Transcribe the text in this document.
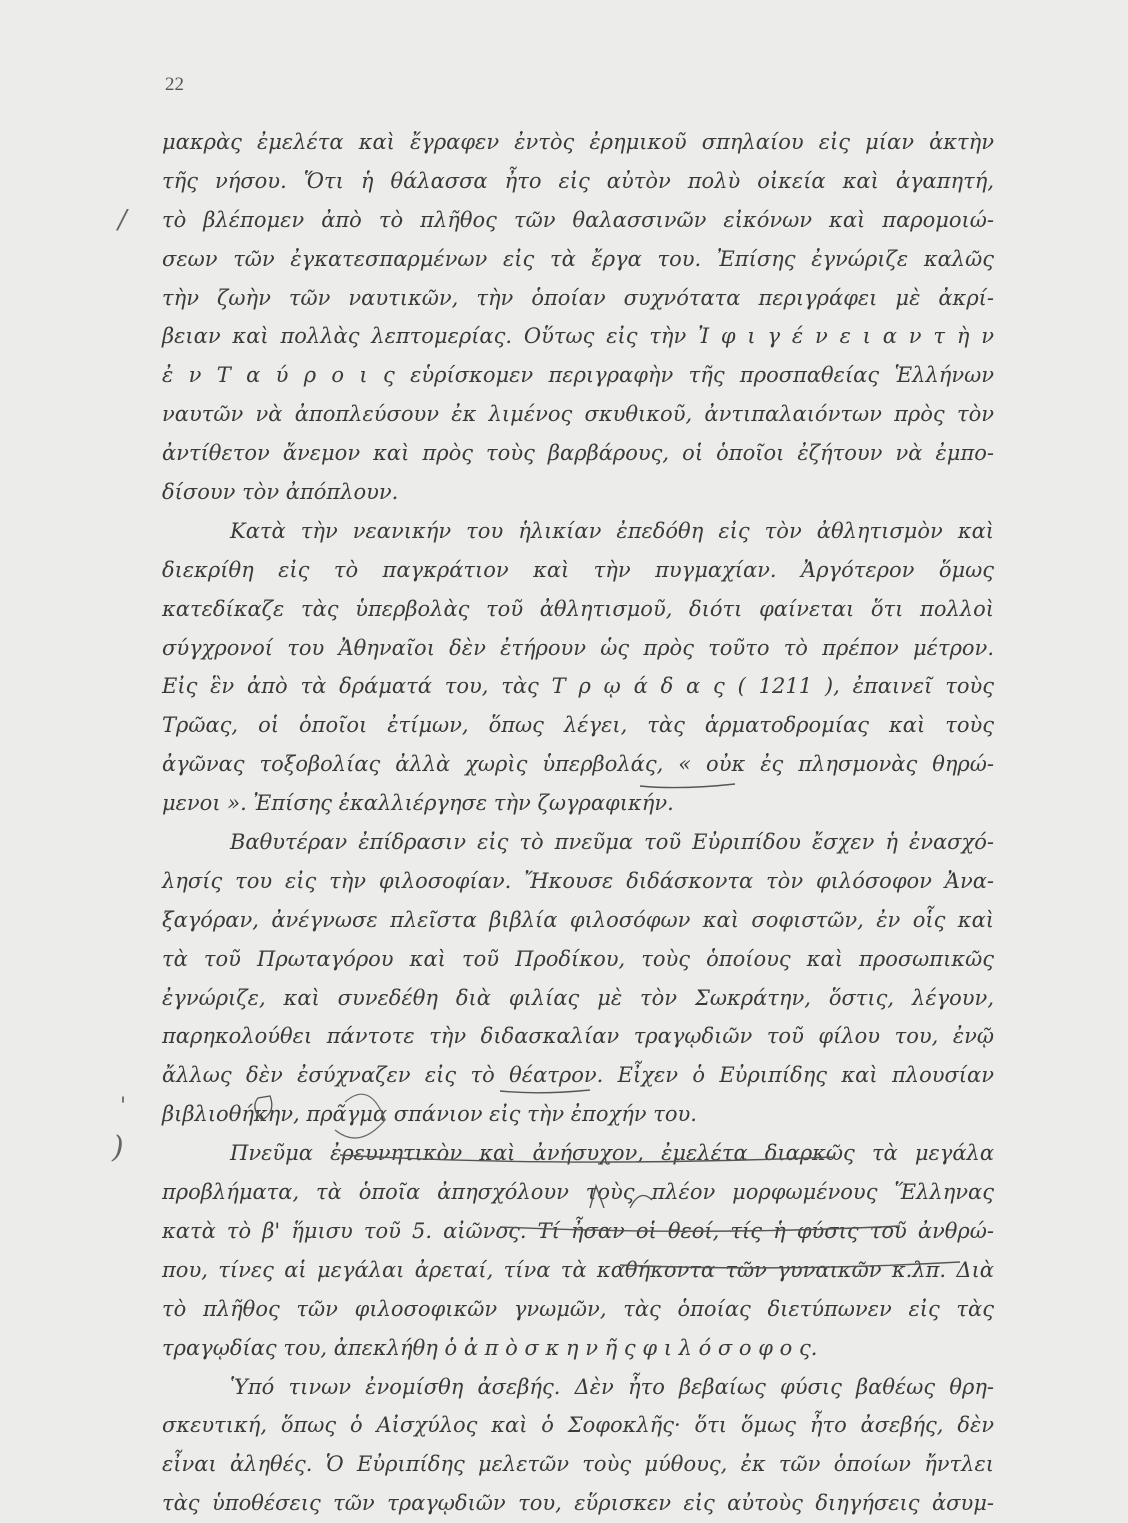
22
/
'
)
μακρὰς ἐμελέτα καὶ ἔγραφεν ἐντὸς ἐρημικοῦ σπηλαίου εἰς μίαν ἀκτὴν
τῆς νήσου. Ὅτι ἡ θάλασσα ἦτο εἰς αὐτὸν πολὺ οἰκεία καὶ ἀγαπητή,
τὸ βλέπομεν ἀπὸ τὸ πλῆθος τῶν θαλασσινῶν εἰκόνων καὶ παρομοιώ-
σεων τῶν ἐγκατεσπαρμένων εἰς τὰ ἔργα του. Ἐπίσης ἐγνώριζε καλῶς
τὴν ζωὴν τῶν ναυτικῶν, τὴν ὁποίαν συχνότατα περιγράφει μὲ ἀκρί-
βειαν καὶ πολλὰς λεπτομερίας. Οὕτως εἰς τὴν Ἰ φ ι γ έ ν ε ι α ν τ ὴ ν
ἐ ν Τ α ύ ρ ο ι ς εὑρίσκομεν περιγραφὴν τῆς προσπαθείας Ἑλλήνων
ναυτῶν νὰ ἀποπλεύσουν ἐκ λιμένος σκυθικοῦ, ἀντιπαλαιόντων πρὸς τὸν
ἀντίθετον ἄνεμον καὶ πρὸς τοὺς βαρβάρους, οἱ ὁποῖοι ἐζήτουν νὰ ἐμπο-
δίσουν τὸν ἀπόπλουν.
Κατὰ τὴν νεανικήν του ἡλικίαν ἐπεδόθη εἰς τὸν ἀθλητισμὸν καὶ
διεκρίθη εἰς τὸ παγκράτιον καὶ τὴν πυγμαχίαν. Ἀργότερον ὅμως
κατεδίκαζε τὰς ὑπερβολὰς τοῦ ἀθλητισμοῦ, διότι φαίνεται ὅτι πολλοὶ
σύγχρονοί του Ἀθηναῖοι δὲν ἐτήρουν ὡς πρὸς τοῦτο τὸ πρέπον μέτρον.
Εἰς ἓν ἀπὸ τὰ δράματά του, τὰς Τ ρ ῳ ά δ α ς ( 1211 ), ἐπαινεῖ τοὺς
Τρῶας, οἱ ὁποῖοι ἐτίμων, ὅπως λέγει, τὰς ἁρματοδρομίας καὶ τοὺς
ἀγῶνας τοξοβολίας ἀλλὰ χωρὶς ὑπερβολάς, « οὐκ ἐς πλησμονὰς θηρώ-
μενοι ». Ἐπίσης ἐκαλλιέργησε τὴν ζωγραφικήν.
Βαθυτέραν ἐπίδρασιν εἰς τὸ πνεῦμα τοῦ Εὐριπίδου ἔσχεν ἡ ἐνασχό-
λησίς του εἰς τὴν φιλοσοφίαν. Ἤκουσε διδάσκοντα τὸν φιλόσοφον Ἀνα-
ξαγόραν, ἀνέγνωσε πλεῖστα βιβλία φιλοσόφων καὶ σοφιστῶν, ἐν οἷς καὶ
τὰ τοῦ Πρωταγόρου καὶ τοῦ Προδίκου, τοὺς ὁποίους καὶ προσωπικῶς
ἐγνώριζε, καὶ συνεδέθη διὰ φιλίας μὲ τὸν Σωκράτην, ὅστις, λέγουν,
παρηκολούθει πάντοτε τὴν διδασκαλίαν τραγῳδιῶν τοῦ φίλου του, ἐνῷ
ἄλλως δὲν ἐσύχναζεν εἰς τὸ θέατρον. Εἶχεν ὁ Εὐριπίδης καὶ πλουσίαν
βιβλιοθήκην, πρᾶγμα σπάνιον εἰς τὴν ἐποχήν του.
Πνεῦμα ἐρευνητικὸν καὶ ἀνήσυχον, ἐμελέτα διαρκῶς τὰ μεγάλα
προβλήματα, τὰ ὁποῖα ἀπησχόλουν τοὺς πλέον μορφωμένους Ἕλληνας
κατὰ τὸ β' ἥμισυ τοῦ 5. αἰῶνος. Τί ἦσαν οἱ θεοί, τίς ἡ φύσις τοῦ ἀνθρώ-
που, τίνες αἱ μεγάλαι ἀρεταί, τίνα τὰ καθήκοντα τῶν γυναικῶν κ.λπ. Διὰ
τὸ πλῆθος τῶν φιλοσοφικῶν γνωμῶν, τὰς ὁποίας διετύπωνεν εἰς τὰς
τραγῳδίας του, ἀπεκλήθη ὁ ἀ π ὸ σ κ η ν ῆ ς φ ι λ ό σ ο φ ο ς.
Ὑπό τινων ἐνομίσθη ἀσεβής. Δὲν ἦτο βεβαίως φύσις βαθέως θρη-
σκευτική, ὅπως ὁ Αἰσχύλος καὶ ὁ Σοφοκλῆς· ὅτι ὅμως ἦτο ἀσεβής, δὲν
εἶναι ἀληθές. Ὁ Εὐριπίδης μελετῶν τοὺς μύθους, ἐκ τῶν ὁποίων ἤντλει
τὰς ὑποθέσεις τῶν τραγῳδιῶν του, εὕρισκεν εἰς αὐτοὺς διηγήσεις ἀσυμ-
